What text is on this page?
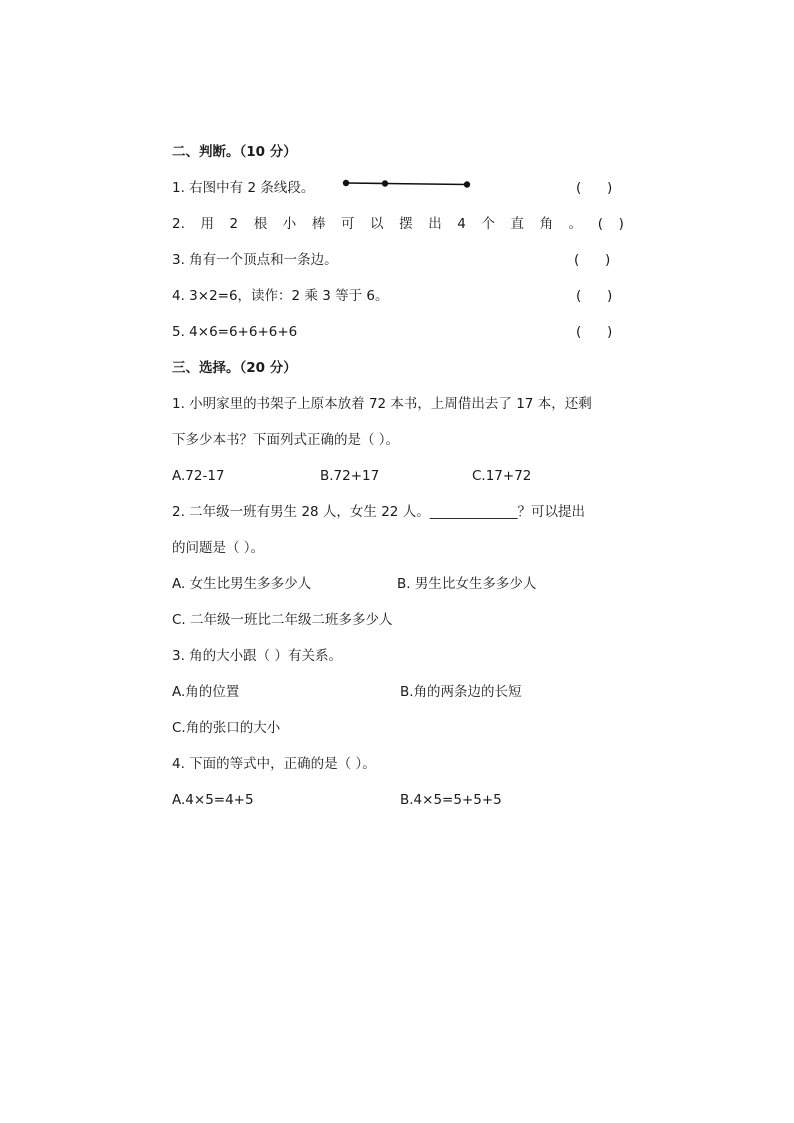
二、判断。（10 分）
1. 右图中有 2 条线段。	(      )
2. 用 2 根 小 棒 可 以 摆 出 4 个 直 角 。 ( )
3. 角有一个顶点和一条边。	(      )
4. 3×2=6，读作：2 乘 3 等于 6。	(      )
5. 4×6=6+6+6+6	(      )
三、选择。（20 分）
1. 小明家里的书架子上原本放着 72 本书，上周借出去了 17 本，还剩
下多少本书？下面列式正确的是（ ）。
A.72-17	B.72+17	C.17+72
2. 二年级一班有男生 28 人，女生 22 人。_____________？可以提出
的问题是（ ）。
A. 女生比男生多多少人	B. 男生比女生多多少人
C. 二年级一班比二年级二班多多少人
3. 角的大小跟（ ）有关系。
A.角的位置	B.角的两条边的长短
C.角的张口的大小
4. 下面的等式中，正确的是（ ）。
A.4×5=4+5	B.4×5=5+5+5
